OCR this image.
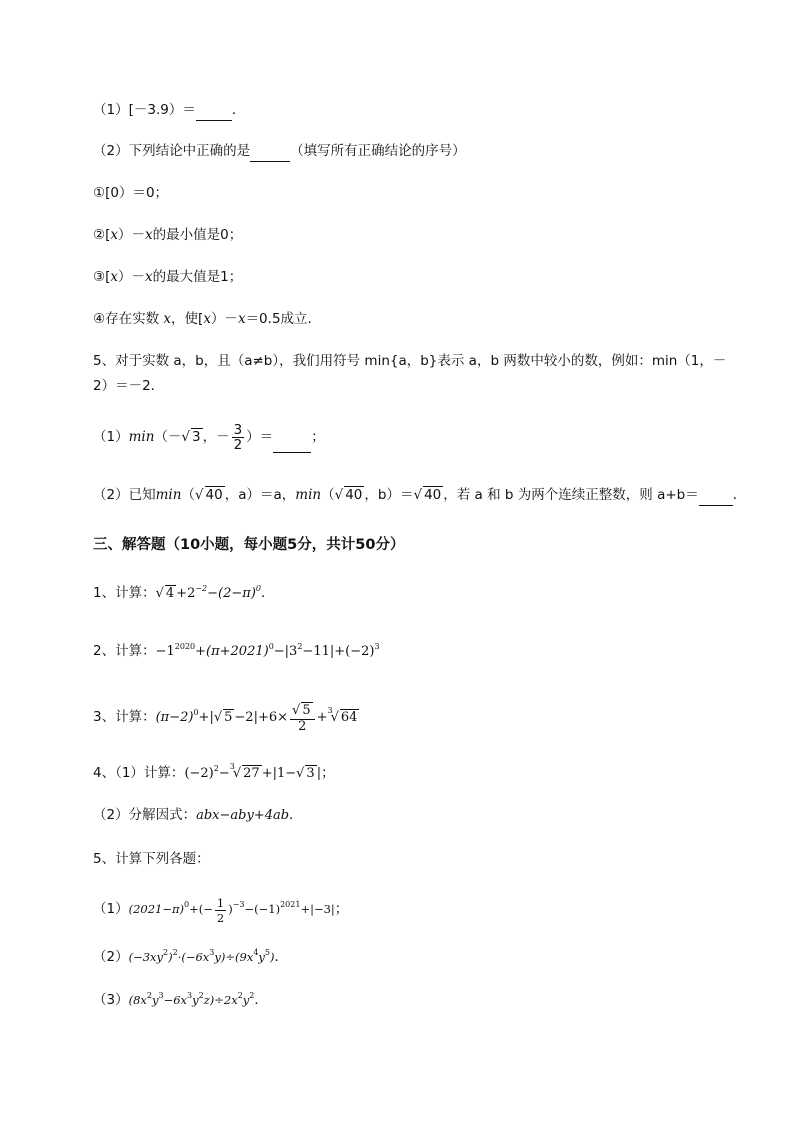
（1）[－3.9）＝	．
（2）下列结论中正确的是	（填写所有正确结论的序号）
①[0）＝0；
②[x）－x的最小值是0；
③[x）－x的最大值是1；
④存在实数 x，使[x）－x＝0.5成立．
5、对于实数 a，b，且（a≠b），我们用符号 min{a，b}表示 a，b 两数中较小的数，例如：min（1，－
2）＝－2．
（1）min（－√ 3 ，－ $\frac{3}{2}$ ）＝	；
（2）已知min（√ 40 ，a）＝a，min（√ 40 ，b）＝√ 40 ，若 a 和 b 为两个连续正整数，则 a+b＝	．
三、解答题（10小题，每小题5分，共计50分）
1、计算：√ $4 +2^{-2}-(2-\pi)^0$．
2、计算：$-1^{2020}+(\pi+2021)^0-|3^2-11|+(-2)^3$
3、计算：$(\pi-2)^0+|√$ $5 -2|+6\times \frac{√ 5}{2} +^3√$ 64
4、（1）计算：$(-2)^2-^3√$ 27 +|1−√ 3 |；
（2）分解因式：abx−aby+4ab．
5、计算下列各题：
$(1)(2021-\pi)^0+(- \frac{1}{2} )^{-3}-(-1)^{2021}+|-3|$；
$(2)(-3xy^2)^2\cdot(-6x^3y)\div(9x^4y^5)$．
$(3)(8x^2y^3-6x^3y^2z)\div 2x^2y^2$．
